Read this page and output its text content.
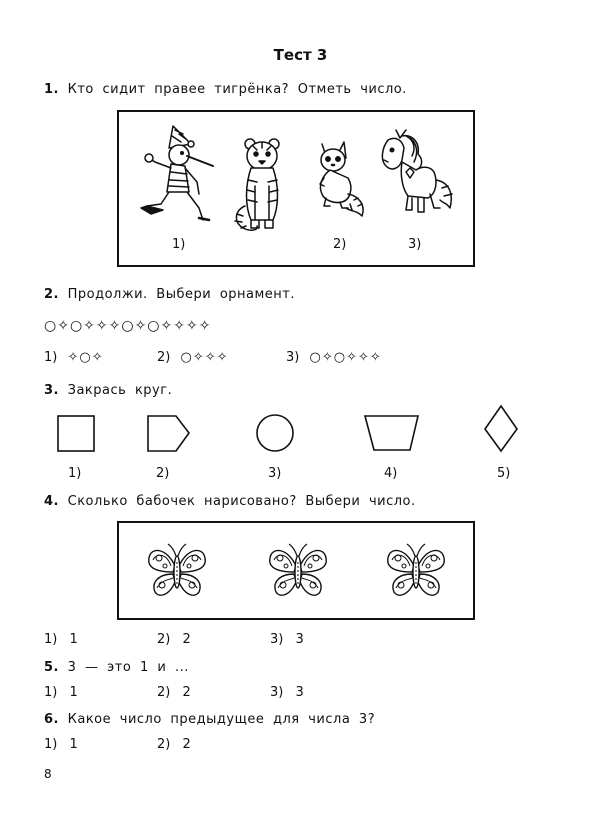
Тест 3
1. Кто сидит правее тигрёнка? Отметь число.
1)	2)	3)
2. Продолжи. Выбери орнамент.
○✧○✧✧✧○✧○✧✧✧✧
1) ✧○✧	2) ○✧✧✧	3) ○✧○✧✧✧
3. Закрась круг.
1)	2)	3)	4)	5)
4. Сколько бабочек нарисовано? Выбери число.
1) 1	2) 2	3) 3
5. 3 — это 1 и ...
1) 1	2) 2	3) 3
6. Какое число предыдущее для числа 3?
1) 1	2) 2
8
